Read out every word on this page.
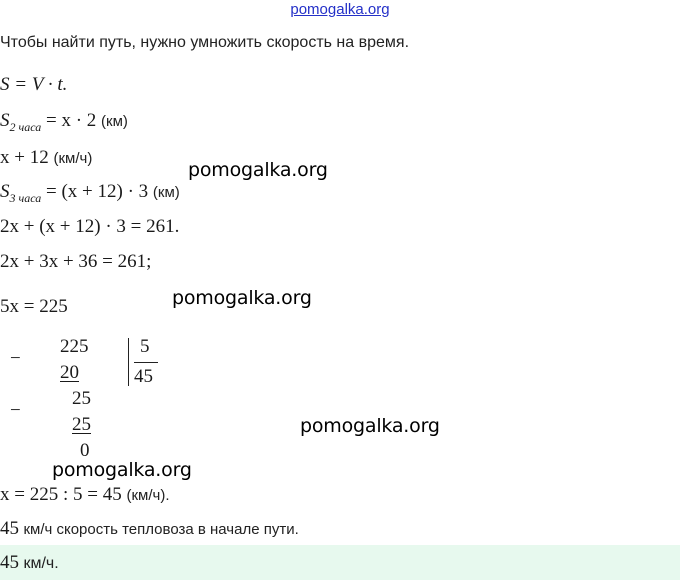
pomogalka.org
Чтобы найти путь, нужно умножить скорость на время.
S = V · t.
$S_{2 часа} = x \cdot 2$ (км)
x + 12 (км/ч)
$S_{3 часа} = (x + 12) \cdot 3$ (км)
2x + (x + 12) · 3 = 261.
2x + 3x + 36 = 261;
5x = 225
−
225	5
20	45
−
25
25
0
x = 225 : 5 = 45 (км/ч).
45 км/ч скорость тепловоза в начале пути.
45 км/ч.
pomogalka.org
pomogalka.org
pomogalka.org
pomogalka.org
